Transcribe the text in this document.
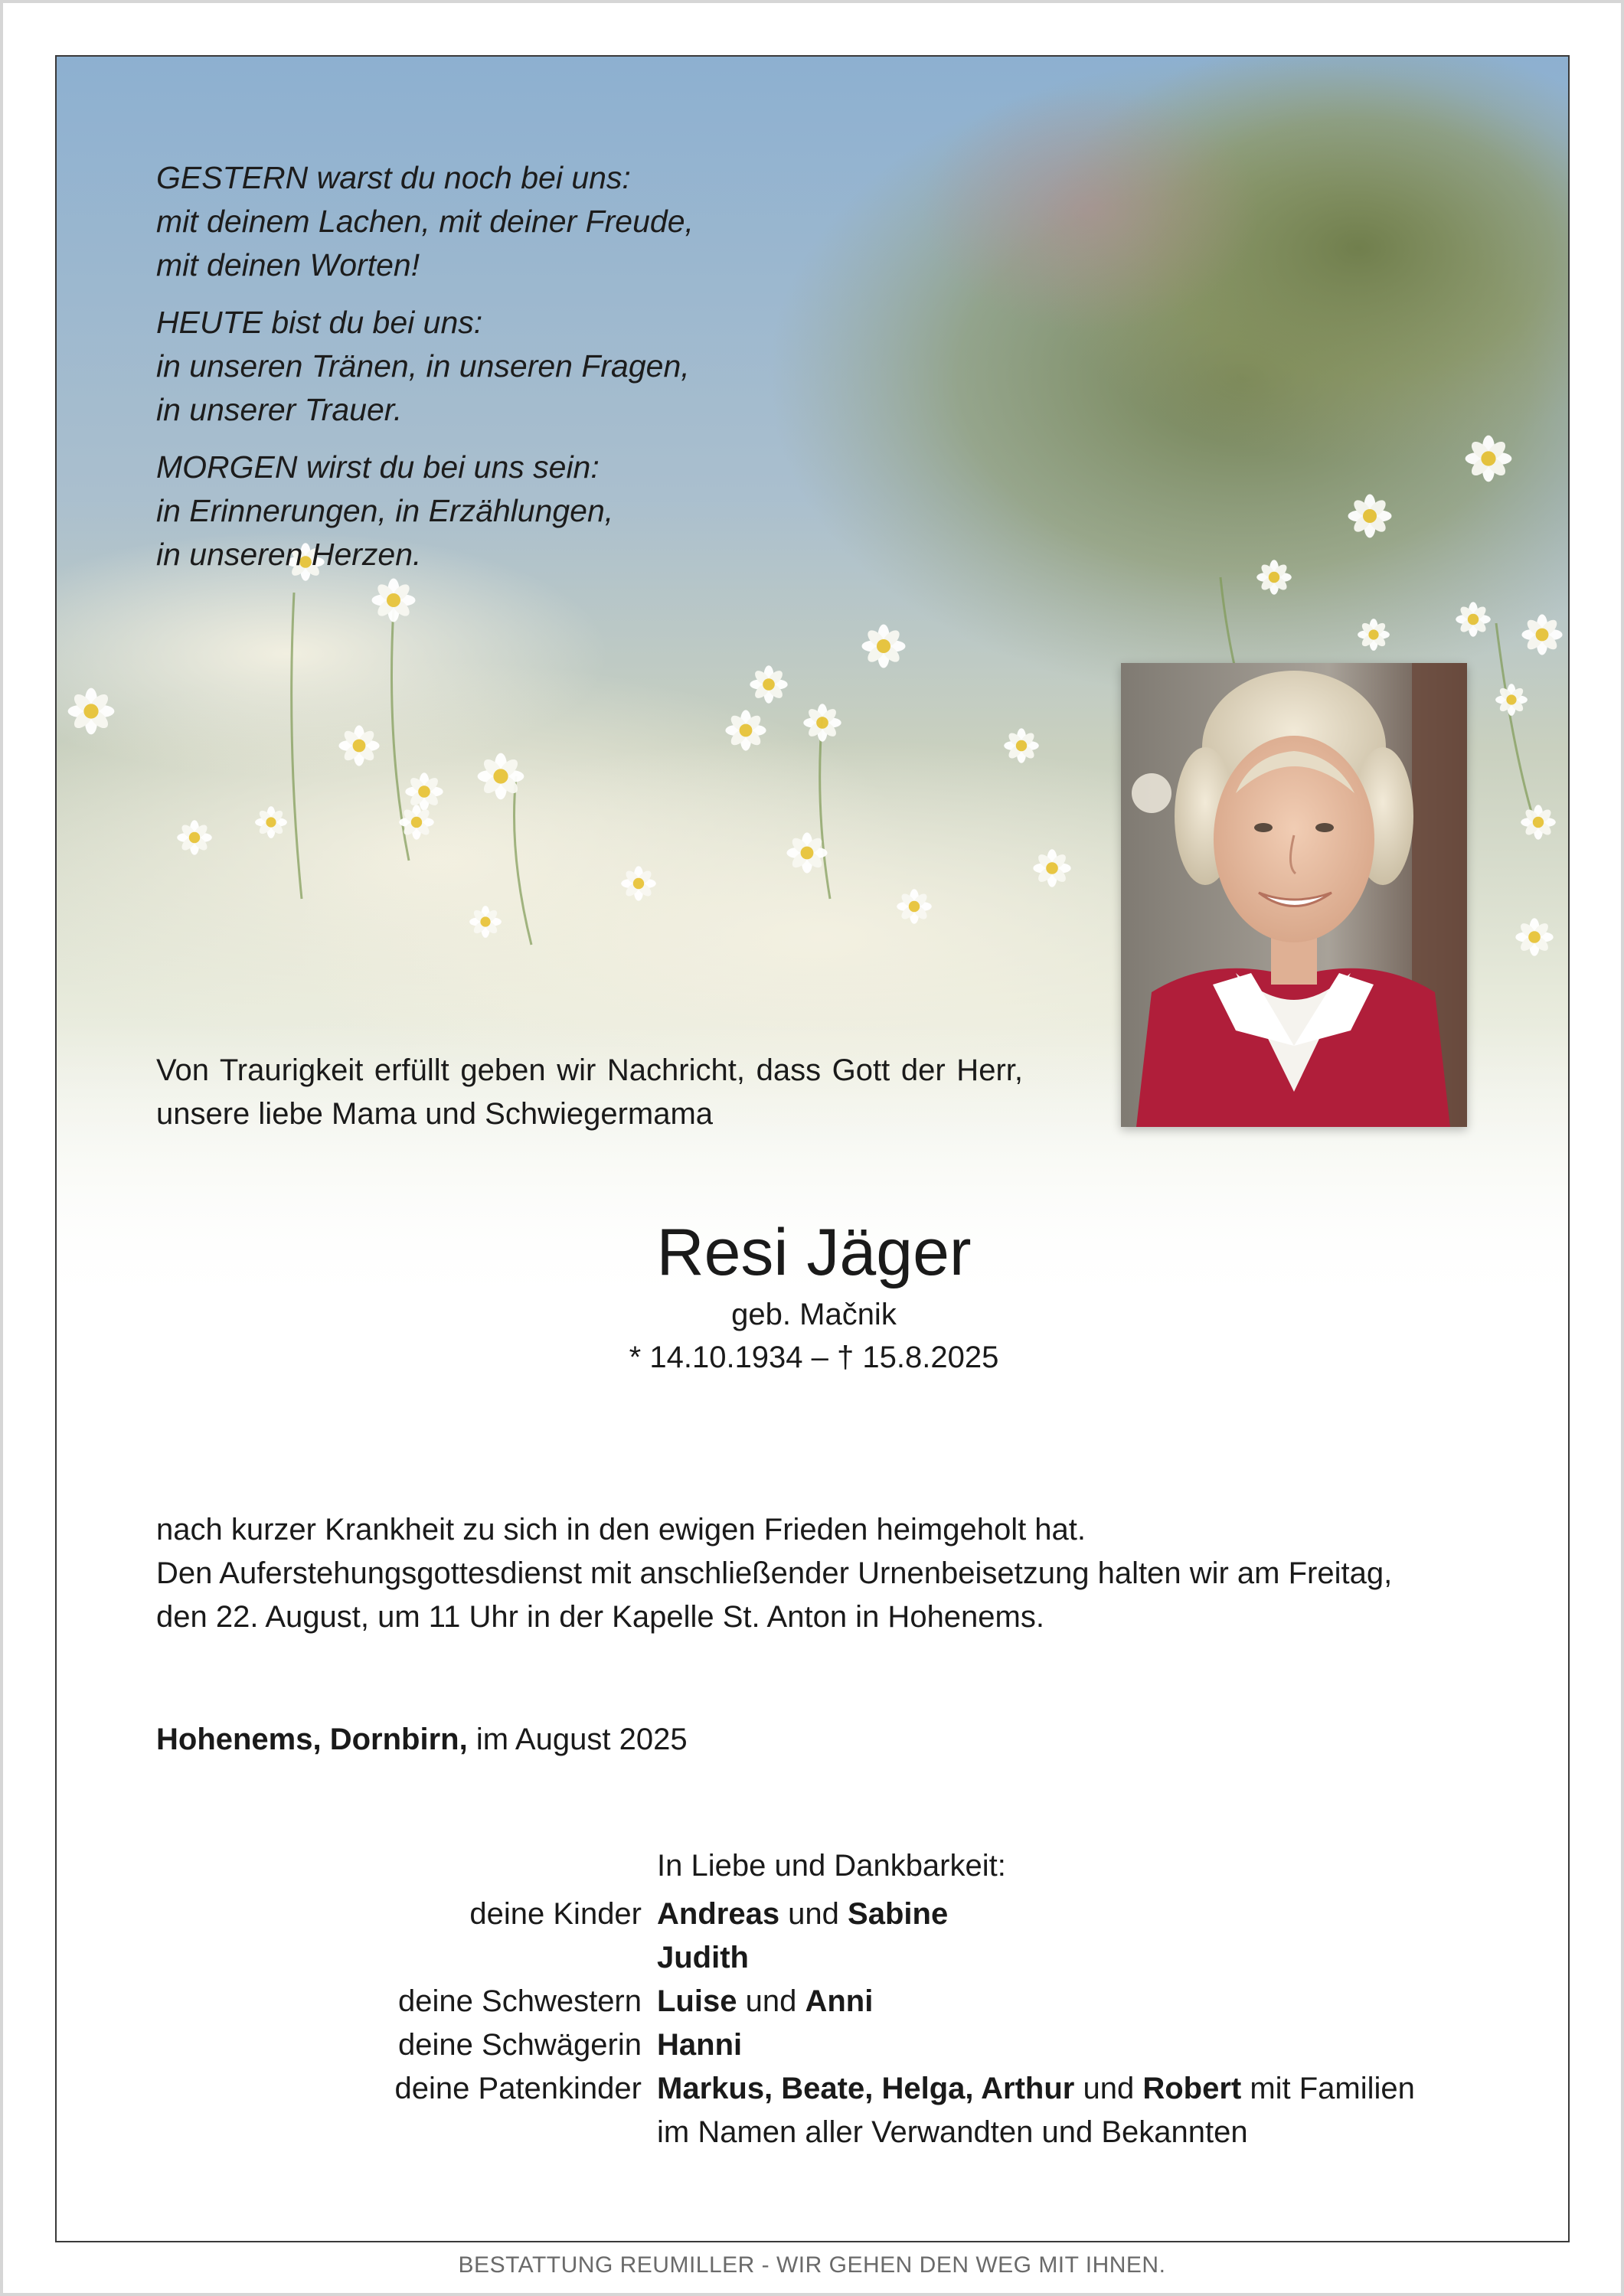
GESTERN warst du noch bei uns:
mit deinem Lachen, mit deiner Freude,
mit deinen Worten!
HEUTE bist du bei uns:
in unseren Tränen, in unseren Fragen,
in unserer Trauer.
MORGEN wirst du bei uns sein:
in Erinnerungen, in Erzählungen,
in unseren Herzen.
Von Traurigkeit erfüllt geben wir Nachricht, dass Gott der Herr, unsere liebe Mama und Schwiegermama
Resi Jäger
geb. Mačnik
* 14.10.1934 – † 15.8.2025
nach kurzer Krankheit zu sich in den ewigen Frieden heimgeholt hat.
Den Auferstehungsgottesdienst mit anschließender Urnenbeisetzung halten wir am Freitag,
den 22. August, um 11 Uhr in der Kapelle St. Anton in Hohenems.
Hohenems, Dornbirn, im August 2025
In Liebe und Dankbarkeit:
deine Kinder Andreas und Sabine
Judith
deine Schwestern Luise und Anni
deine Schwägerin Hanni
deine Patenkinder Markus, Beate, Helga, Arthur und Robert mit Familien
im Namen aller Verwandten und Bekannten
BESTATTUNG REUMILLER - WIR GEHEN DEN WEG MIT IHNEN.
